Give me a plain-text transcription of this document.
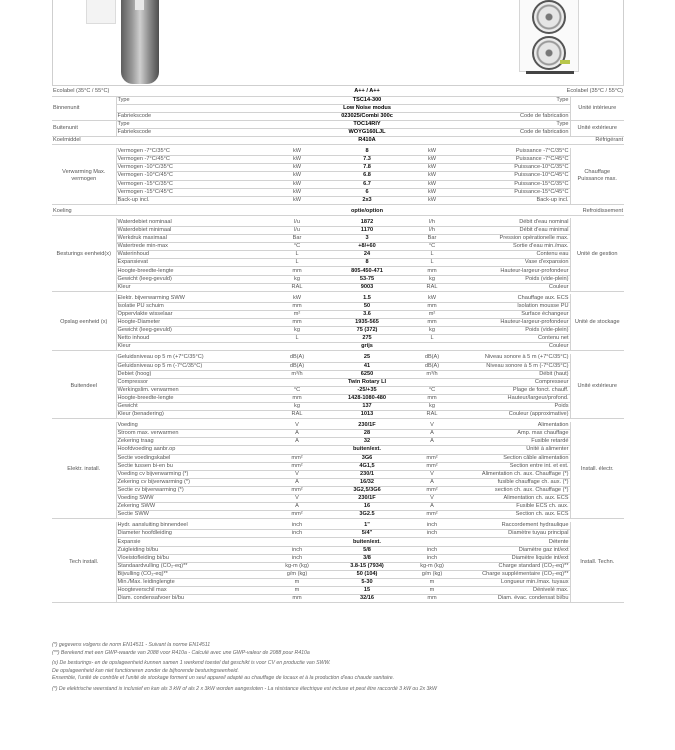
Ecolabel (35°C / 55°C)			A++ / A++		Ecolabel (35°C / 55°C)	
Binnenunit	Type		TSC14-300	Type		Unité intérieure
			Low Noise modus			
	Fabriekscode		023025/Combi 300c	Code de fabrication		
Buitenunit	Type		TOC14RIY	Type		Unité extérieure
	Fabriekscode		WOYG160LJL	Code de fabrication		
Koelmiddel			R410A	Réfrigérant		

Verwarming Max. vermogen	Vermogen -7°C/35°C	kW	8	kW	Puissance -7°C/35°C	Chauffage Puissance max.
	Vermogen -7°C/45°C	kW	7.3	kW	Puissance -7°C/45°C	
	Vermogen -10°C/35°C	kW	7.8	kW	Puissance-10°C/35°C	
	Vermogen -10°C/45°C	kW	6.8	kW	Puissance-10°C/45°C	
	Vermogen -15°C/35°C	kW	6.7	kW	Puissance-15°C/35°C	
	Vermogen -15°C/45°C	kW	6	kW	Puissance-15°C/45°C	
	Back-up incl.	kW	2x3	kW	Back-up incl.	

Koeling			optie/option	Refroidissement		

Besturings eenheid(x)	Waterdebiet nominaal	l/u	1872	l/h	Débit d'eau nominal	Unité de gestion
	Waterdebiet minimaal	l/u	1170	l/h	Débit d'eau minimal	
	Werkdruk maximaal	Bar	3	Bar	Pression opérationelle max.	
	Watertrede min-max	°C	+8/+60	°C	Sortie d'eau min./max.	
	Waterinhoud	L	24	L	Contenu eau	
	Expansievat	L	8	L	Vase d'expansion	
	Hoogte-breedte-lengte	mm	805-450-471	mm	Hauteur-largeur-profondeur	
	Gewicht (leeg-gevuld)	kg	53-75	kg	Poids (vide-plein)	
	Kleur	RAL	9003	RAL	Couleur	

Opslag eenheid (x)	Elektr. bijverwarming SWW	kW	1.5	kW	Chauffage aux. ECS	Unité de stockage
	Isolatie PU schuim	mm	50	mm	Isolation mousse PU	
	Oppervlakte wisselaar	m²	3.6	m²	Surface échangeur	
	Hoogte-Diameter	mm	1935-565	mm	Hauteur-largeur-profondeur	
	Gewicht (leeg-gevuld)	kg	75 (372)	kg	Poids (vide-plein)	
	Netto inhoud	L	275	L	Contenu net	
	Kleur		grijs		Couleur	

Buitendeel	Geluidsniveau op 5 m (+7°C/35°C)	dB(A)	25	dB(A)	Niveau sonore à 5 m (+7°C/35°C)	Unité extérieure
	Geluidsniveau op 5 m (-7°C/35°C)	dB(A)	41	dB(A)	Niveau sonore à 5 m (-7°C/35°C)	
	Debiet (hoog)	m³/h	6250	m³/h	Débit (haut)	
	Compressor		Twin Rotary LI		Compresseur	
	Werkingslim. verwarmen	°C	-25/+35	°C	Plage de fonct. chauff.	
	Hoogte-breedte-lengte	mm	1428-1080-480	mm	Hauteur/largeur/profond.	
	Gewicht	kg	137	kg	Poids	
	Kleur (benadering)	RAL	1013	RAL	Couleur (approximative)	

Elektr. install.	Voeding	V	230/1F	V	Alimentation	Install. électr.
	Stroom max. verwarmen	A	28	A	Amp. max chauffage	
	Zekering traag	A	32	A	Fusible retardé	
	Hoofdvoeding aanbr.op		buiten/ext.		Unité à alimenter	
	Sectie voedingskabel	mm²	3G6	mm²	Section câble alimentation	
	Sectie tussen bi-en bu	mm²	4G1,5	mm²	Section entre int. et ext.	
	Voeding cv bijverwarming (*)	V	230/1	V	Alimentation ch. aux. Chauffage (*)	
	Zekering cv bijverwarming (*)	A	16/32	A	fusible chauffage ch. aux. (*)	
	Sectie cv bijverwarming (*)	mm²	3G2,5/3G6	mm²	section ch. aux. Chauffage (*)	
	Voeding SWW	V	230/1F	V	Alimentation ch. aux. ECS	
	Zekering SWW	A	16	A	Fusible ECS ch. aux.	
	Sectie SWW	mm²	3G2.5	mm²	Section ch. aux. ECS	

Tech install.	Hydr. aansluiting binnendeel	inch	1"	inch	Raccordement hydraulique	Install. Techn.
	Diameter hoofdleiding	inch	5/4"	inch	Diamètre tuyau principal	
	Expansie		buiten/ext.		Détente	
	Zuigleiding bi/bu	inch	5/8	inch	Diamètre gaz int/ext	
	Vloeistofleiding bi/bu	inch	3/8	inch	Diamètre liquide int/ext	
	Standaardvulling (CO₂-eq)**	kg-m (kg)	3.8-15 (7934)	kg-m (kg)	Charge standard (CO₂-eq)**	
	Bijvulling (CO₂-eq)**	g/m (kg)	50 (104)	g/m (kg)	Charge supplémentaire (CO₂-eq)**	
	Min./Max. leidinglengte	m	5-30	m	Longueur min./max. tuyaux	
	Hoogteverschil max	m	15	m	Dénivelé max.	
	Diam. condensafvoer bi/bu	mm	32/16	mm	Diam. évac. condensat bi/bu	
(*) gegevens volgens de norm EN14511 - Suivant la norme EN14511
(**) Berekend met een GWP-waarde van 2088 voor R410a - Calculé avec une GWP-valeur de 2088 pour R410a
(x) De besturings- en de opslageenheid kunnen samen 1 werkend toestel dat geschikt is voor CV en productie van SWW.
De opslageenheid kan niet functioneren zonder de bijhorende besturingseenheid.
Ensemble, l'unité de contrôle et l'unité de stockage forment un seul appareil adapté au chauffage de locaux et à la production d'eau chaude sanitaire.
(*) De elektrische weerstand is inclusief en kan als 3 kW of als 2 x 3kW worden aangesloten - La résistance électrique est incluse et peut être raccordé 3 kW ou 2x 3kW
